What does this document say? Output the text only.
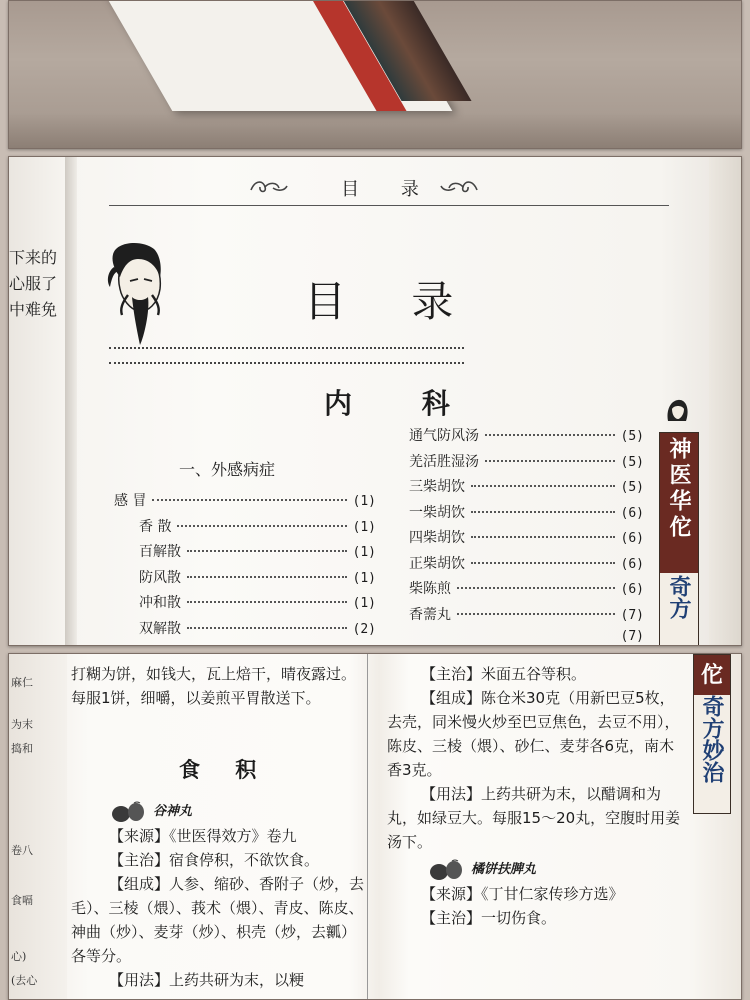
下来的
心服了
中难免
目 录
目 录
内 科
一、外感病症
感 冒	(1)
香 散	(1)
百解散	(1)
防风散	(1)
冲和散	(1)
双解散	(2)
通气防风汤	(5)
羌活胜湿汤	(5)
三柴胡饮	(5)
一柴胡饮	(6)
四柴胡饮	(6)
正柴胡饮	(6)
柴陈煎	(6)
香薷丸	(7)
(7)
神医华佗
奇方
麻仁
为末
捣和
卷八
食嗝
心)
(去心

打糊为饼，如钱大，瓦上焙干，晴夜露过。每服1饼，细嚼，以姜煎平胃散送下。

食 积
谷神丸

【来源】《世医得效方》卷九

【主治】宿食停积，不欲饮食。

【组成】人参、缩砂、香附子（炒，去毛）、三棱（煨）、莪术（煨）、青皮、陈皮、神曲（炒）、麦芽（炒）、枳壳（炒，去瓤）各等分。

【用法】上药共研为末，以粳

【主治】米面五谷等积。

【组成】陈仓米30克（用新巴豆5枚，去壳，同米慢火炒至巴豆焦色，去豆不用），陈皮、三棱（煨）、砂仁、麦芽各6克，南木香3克。

【用法】上药共研为末，以醋调和为丸，如绿豆大。每服15～20丸，空腹时用姜汤下。

橘饼扶脾丸

【来源】《丁甘仁家传珍方选》

【主治】一切伤食。

佗
奇方妙治
